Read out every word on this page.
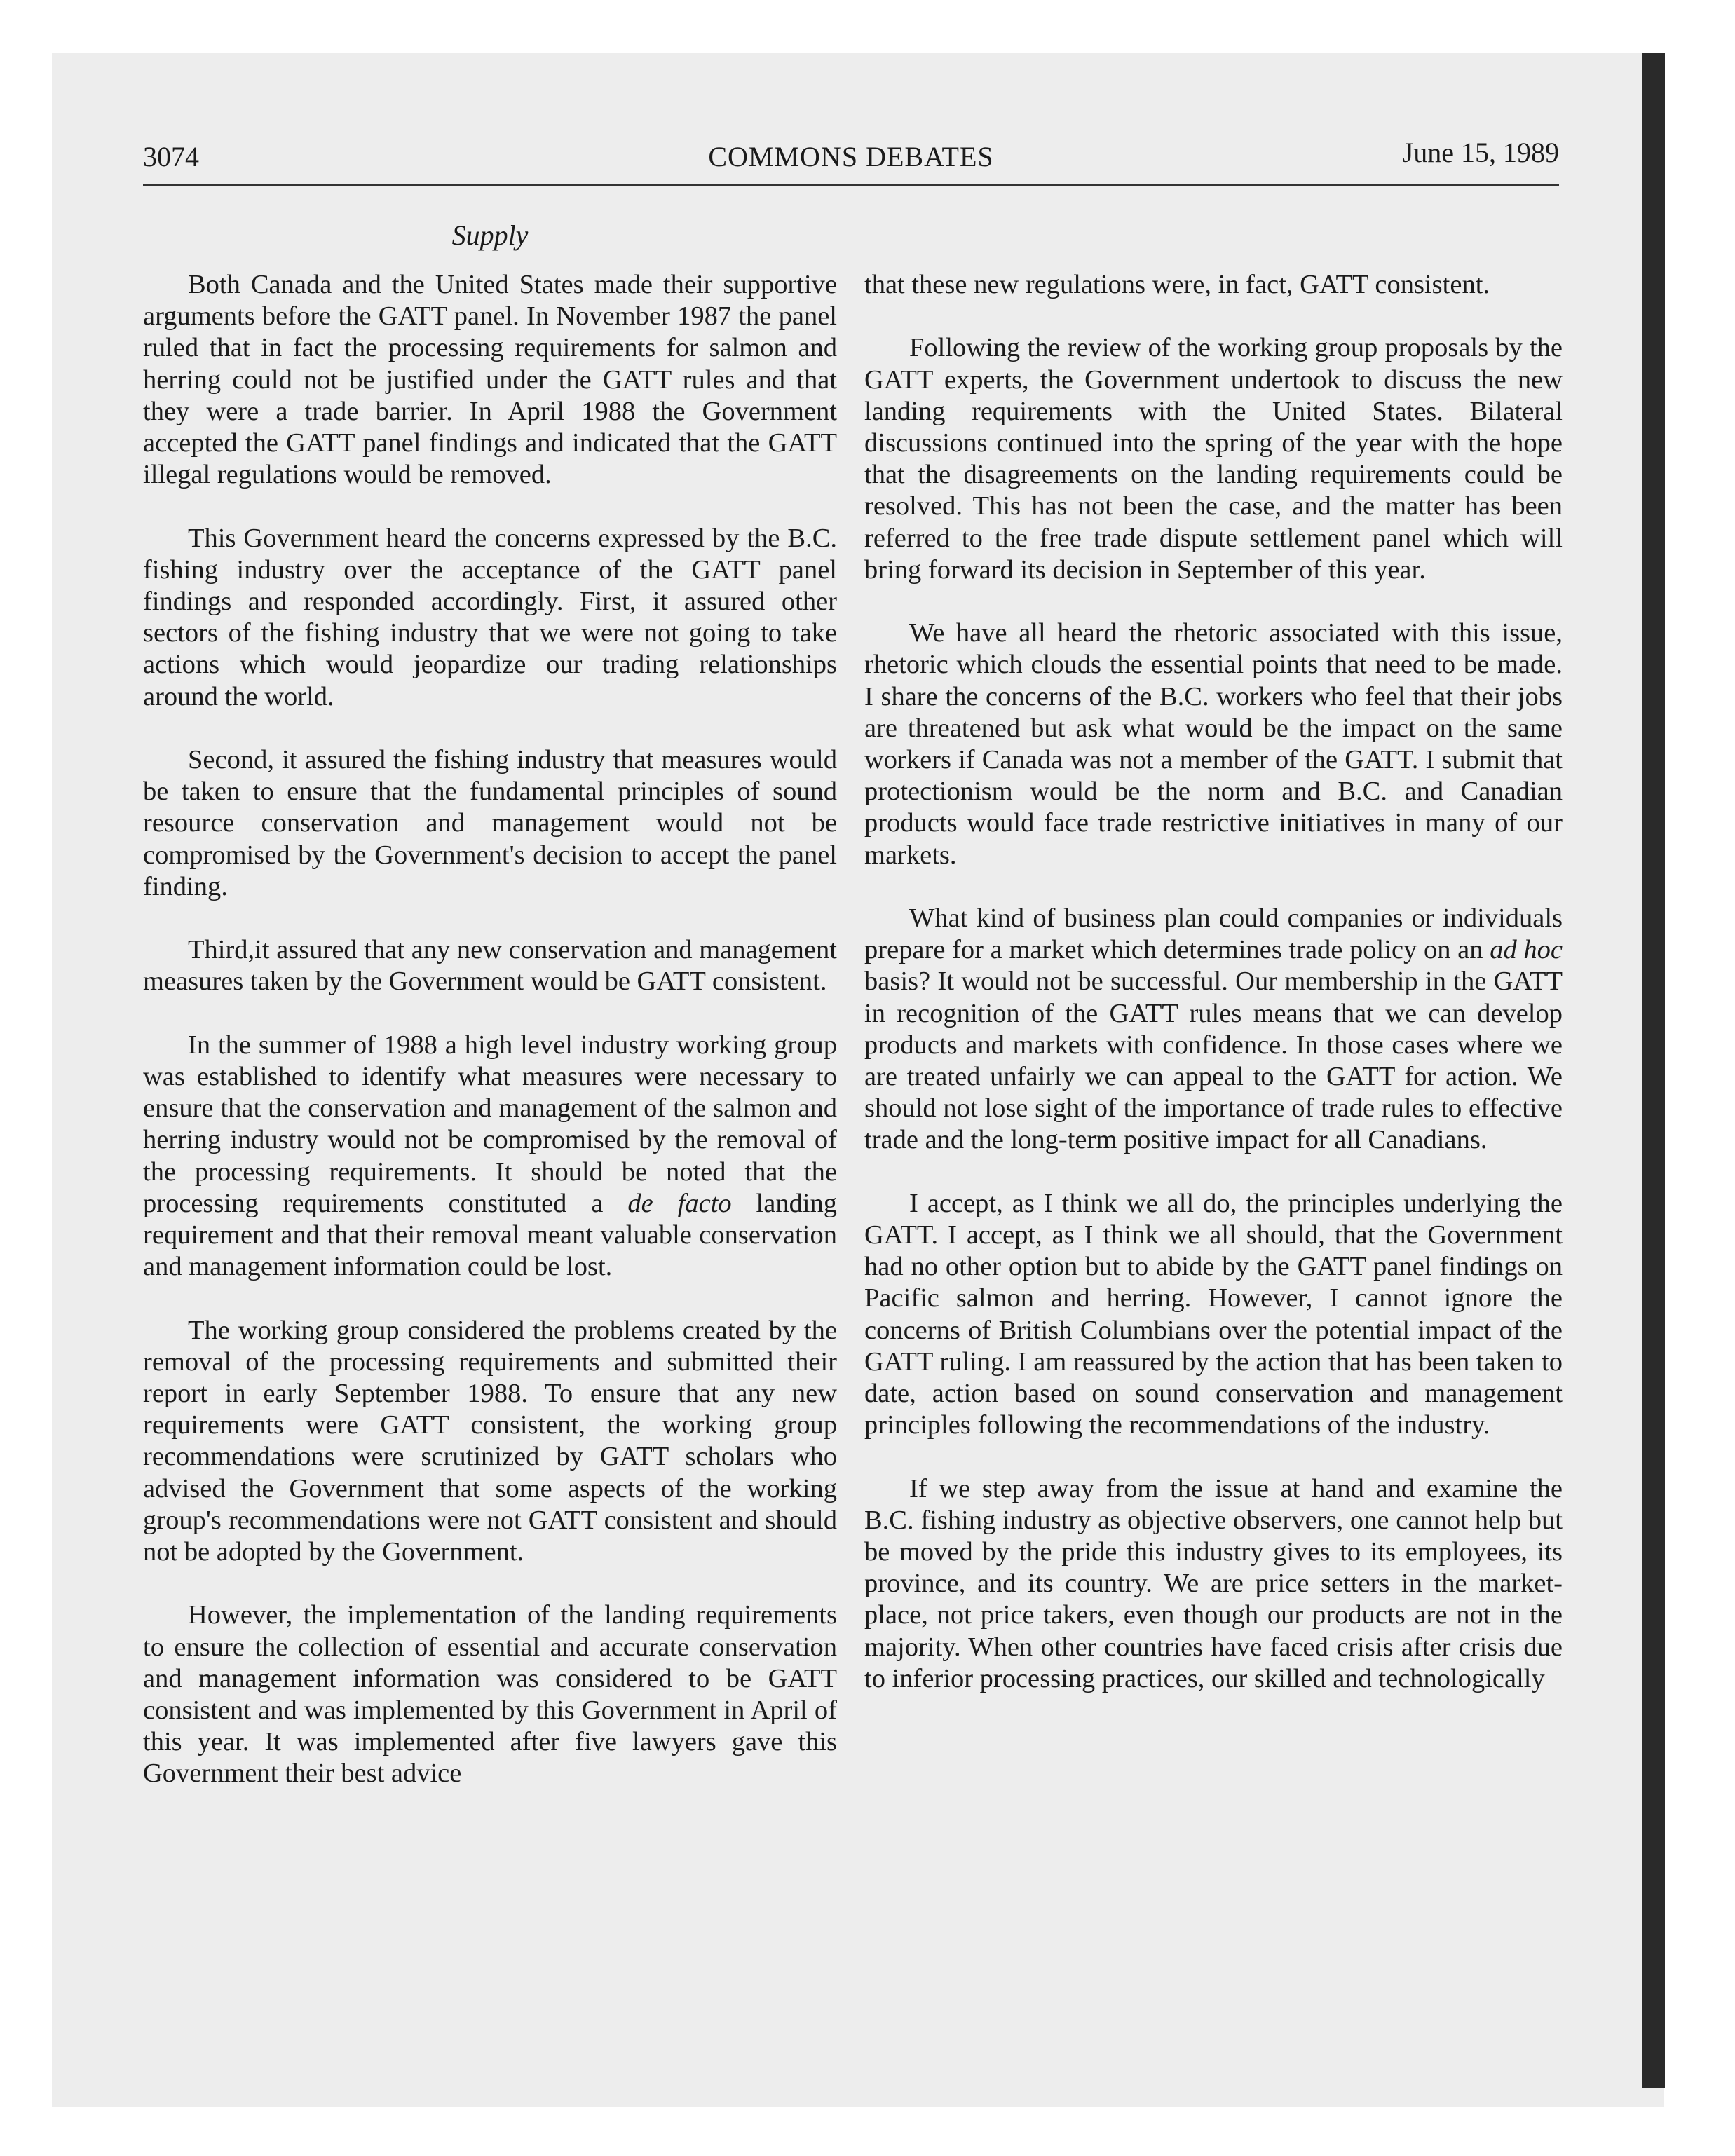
3074	COMMONS DEBATES	June 15, 1989
Supply

Both Canada and the United States made their supportive arguments before the GATT panel. In November 1987 the panel ruled that in fact the processing requirements for salmon and herring could not be justified under the GATT rules and that they were a trade barrier. In April 1988 the Government accepted the GATT panel findings and indicated that the GATT illegal regulations would be removed.

This Government heard the concerns expressed by the B.C. fishing industry over the acceptance of the GATT panel findings and responded accordingly. First, it assured other sectors of the fishing industry that we were not going to take actions which would jeopardize our trading relationships around the world.

Second, it assured the fishing industry that measures would be taken to ensure that the fundamental principles of sound resource conservation and management would not be compromised by the Government's decision to accept the panel finding.

Third,it assured that any new conservation and management measures taken by the Government would be GATT consistent.

In the summer of 1988 a high level industry working group was established to identify what measures were necessary to ensure that the conservation and management of the salmon and herring industry would not be compromised by the removal of the processing requirements. It should be noted that the processing requirements constituted a de facto landing requirement and that their removal meant valuable conservation and management information could be lost.

The working group considered the problems created by the removal of the processing requirements and submitted their report in early September 1988. To ensure that any new requirements were GATT consistent, the working group recommendations were scrutinized by GATT scholars who advised the Government that some aspects of the working group's recommendations were not GATT consistent and should not be adopted by the Government.

However, the implementation of the landing requirements to ensure the collection of essential and accurate conservation and management information was considered to be GATT consistent and was implemented by this Government in April of this year. It was implemented after five lawyers gave this Government their best advice

that these new regulations were, in fact, GATT consistent.

Following the review of the working group proposals by the GATT experts, the Government undertook to discuss the new landing requirements with the United States. Bilateral discussions continued into the spring of the year with the hope that the disagreements on the landing requirements could be resolved. This has not been the case, and the matter has been referred to the free trade dispute settlement panel which will bring forward its decision in September of this year.

We have all heard the rhetoric associated with this issue, rhetoric which clouds the essential points that need to be made. I share the concerns of the B.C. workers who feel that their jobs are threatened but ask what would be the impact on the same workers if Canada was not a member of the GATT. I submit that protectionism would be the norm and B.C. and Canadian products would face trade restrictive initiatives in many of our markets.

What kind of business plan could companies or individuals prepare for a market which determines trade policy on an ad hoc basis? It would not be successful. Our membership in the GATT in recognition of the GATT rules means that we can develop products and markets with confidence. In those cases where we are treated unfairly we can appeal to the GATT for action. We should not lose sight of the importance of trade rules to effective trade and the long-term positive impact for all Canadians.

I accept, as I think we all do, the principles underlying the GATT. I accept, as I think we all should, that the Government had no other option but to abide by the GATT panel findings on Pacific salmon and herring. However, I cannot ignore the concerns of British Columbians over the potential impact of the GATT ruling. I am reassured by the action that has been taken to date, action based on sound conservation and management principles following the recommendations of the industry.

If we step away from the issue at hand and examine the B.C. fishing industry as objective observers, one cannot help but be moved by the pride this industry gives to its employees, its province, and its country. We are price setters in the market-place, not price takers, even though our products are not in the majority. When other countries have faced crisis after crisis due to inferior processing practices, our skilled and technologically
